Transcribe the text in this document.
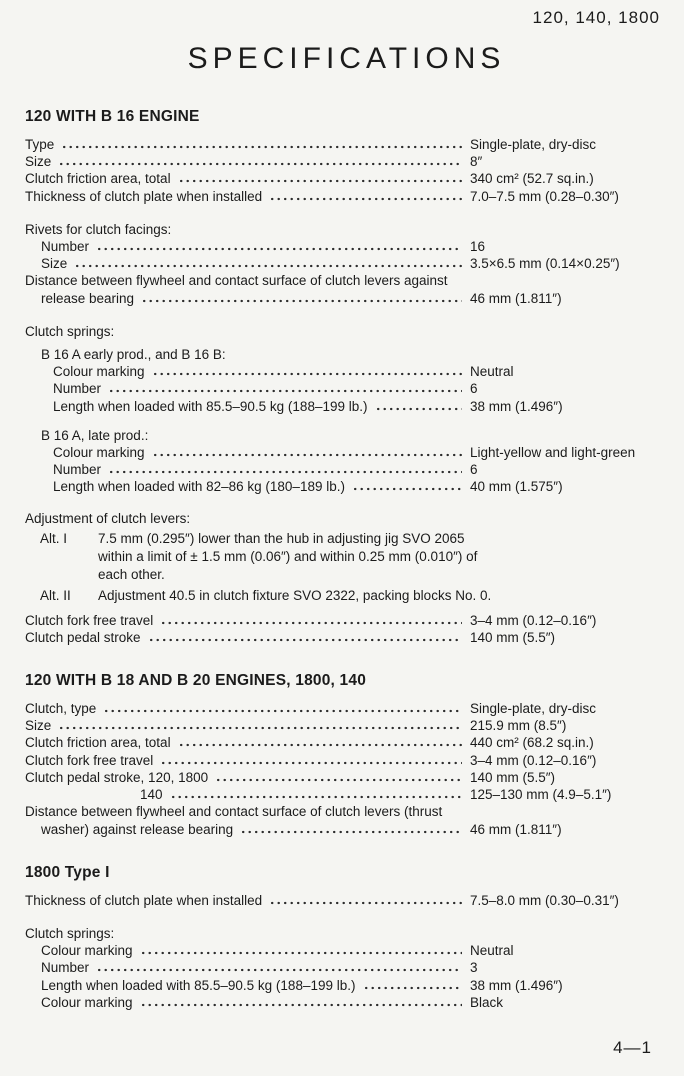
120, 140, 1800
SPECIFICATIONS
120 WITH B 16 ENGINE
Type	Single-plate, dry-disc
Size	8″
Clutch friction area, total	340 cm² (52.7 sq.in.)
Thickness of clutch plate when installed	7.0–7.5 mm (0.28–0.30″)
Rivets for clutch facings:
Number	16
Size	3.5×6.5 mm (0.14×0.25″)
Distance between flywheel and contact surface of clutch levers against
release bearing	46 mm (1.811″)
Clutch springs:
B 16 A early prod., and B 16 B:
Colour marking	Neutral
Number	6
Length when loaded with 85.5–90.5 kg (188–199 lb.)	38 mm (1.496″)
B 16 A, late prod.:
Colour marking	Light-yellow and light-green
Number	6
Length when loaded with 82–86 kg (180–189 lb.)	40 mm (1.575″)
Adjustment of clutch levers:
Alt. I	7.5 mm (0.295″) lower than the hub in adjusting jig SVO 2065 within a limit of ± 1.5 mm (0.06″) and within 0.25 mm (0.010″) of each other.
Alt. II	Adjustment 40.5 in clutch fixture SVO 2322, packing blocks No. 0.
Clutch fork free travel	3–4 mm (0.12–0.16″)
Clutch pedal stroke	140 mm (5.5″)
120 WITH B 18 AND B 20 ENGINES, 1800, 140
Clutch, type	Single-plate, dry-disc
Size	215.9 mm (8.5″)
Clutch friction area, total	440 cm² (68.2 sq.in.)
Clutch fork free travel	3–4 mm (0.12–0.16″)
Clutch pedal stroke, 120, 1800	140 mm (5.5″)
140	125–130 mm (4.9–5.1″)
Distance between flywheel and contact surface of clutch levers (thrust
washer) against release bearing	46 mm (1.811″)
1800 Type I
Thickness of clutch plate when installed	7.5–8.0 mm (0.30–0.31″)
Clutch springs:
Colour marking	Neutral
Number	3
Length when loaded with 85.5–90.5 kg (188–199 lb.)	38 mm (1.496″)
Colour marking	Black
4—1
